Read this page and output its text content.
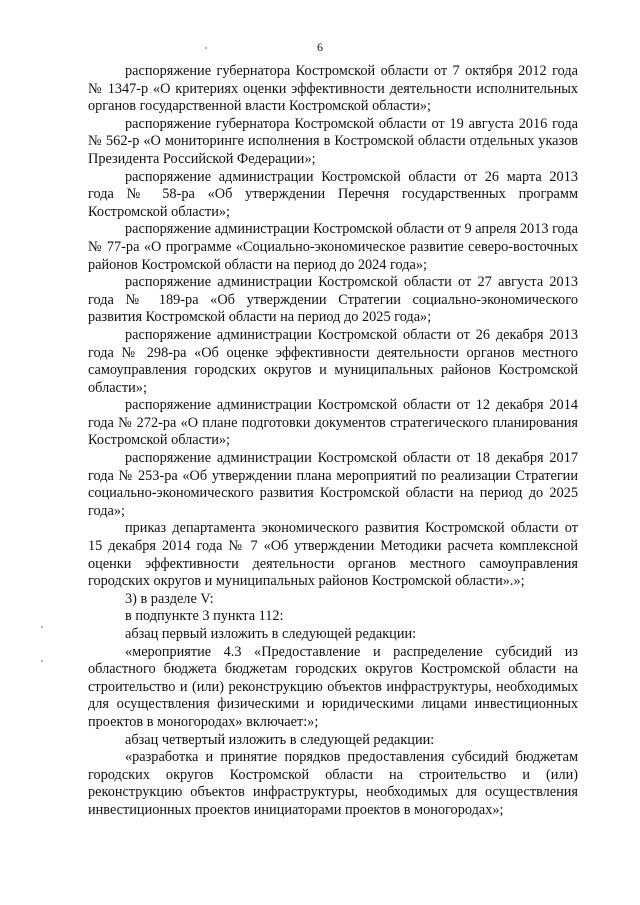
6

распоряжение губернатора Костромской области от 7 октября 2012 года № 1347-р «О критериях оценки эффективности деятельности исполнительных органов государственной власти Костромской области»;

распоряжение губернатора Костромской области от 19 августа 2016 года № 562-р «О мониторинге исполнения в Костромской области отдельных указов Президента Российской Федерации»;

распоряжение администрации Костромской области от 26 марта 2013 года № 58-ра «Об утверждении Перечня государственных программ Костромской области»;

распоряжение администрации Костромской области от 9 апреля 2013 года № 77-ра «О программе «Социально-экономическое развитие северо-восточных районов Костромской области на период до 2024 года»;

распоряжение администрации Костромской области от 27 августа 2013 года № 189-ра «Об утверждении Стратегии социально-экономического развития Костромской области на период до 2025 года»;

распоряжение администрации Костромской области от 26 декабря 2013 года № 298-ра «Об оценке эффективности деятельности органов местного самоуправления городских округов и муниципальных районов Костромской области»;

распоряжение администрации Костромской области от 12 декабря 2014 года № 272-ра «О плане подготовки документов стратегического планирования Костромской области»;

распоряжение администрации Костромской области от 18 декабря 2017 года № 253-ра «Об утверждении плана мероприятий по реализации Стратегии социально-экономического развития Костромской области на период до 2025 года»;

приказ департамента экономического развития Костромской области от 15 декабря 2014 года № 7 «Об утверждении Методики расчета комплексной оценки эффективности деятельности органов местного самоуправления городских округов и муниципальных районов Костромской области».»;

3) в разделе V:

в подпункте 3 пункта 112:

абзац первый изложить в следующей редакции:

«мероприятие 4.3 «Предоставление и распределение субсидий из областного бюджета бюджетам городских округов Костромской области на строительство и (или) реконструкцию объектов инфраструктуры, необходимых для осуществления физическими и юридическими лицами инвестиционных проектов в моногородах» включает:»;

абзац четвертый изложить в следующей редакции:

«разработка и принятие порядков предоставления субсидий бюджетам городских округов Костромской области на строительство и (или) реконструкцию объектов инфраструктуры, необходимых для осуществления инвестиционных проектов инициаторами проектов в моногородах»;
